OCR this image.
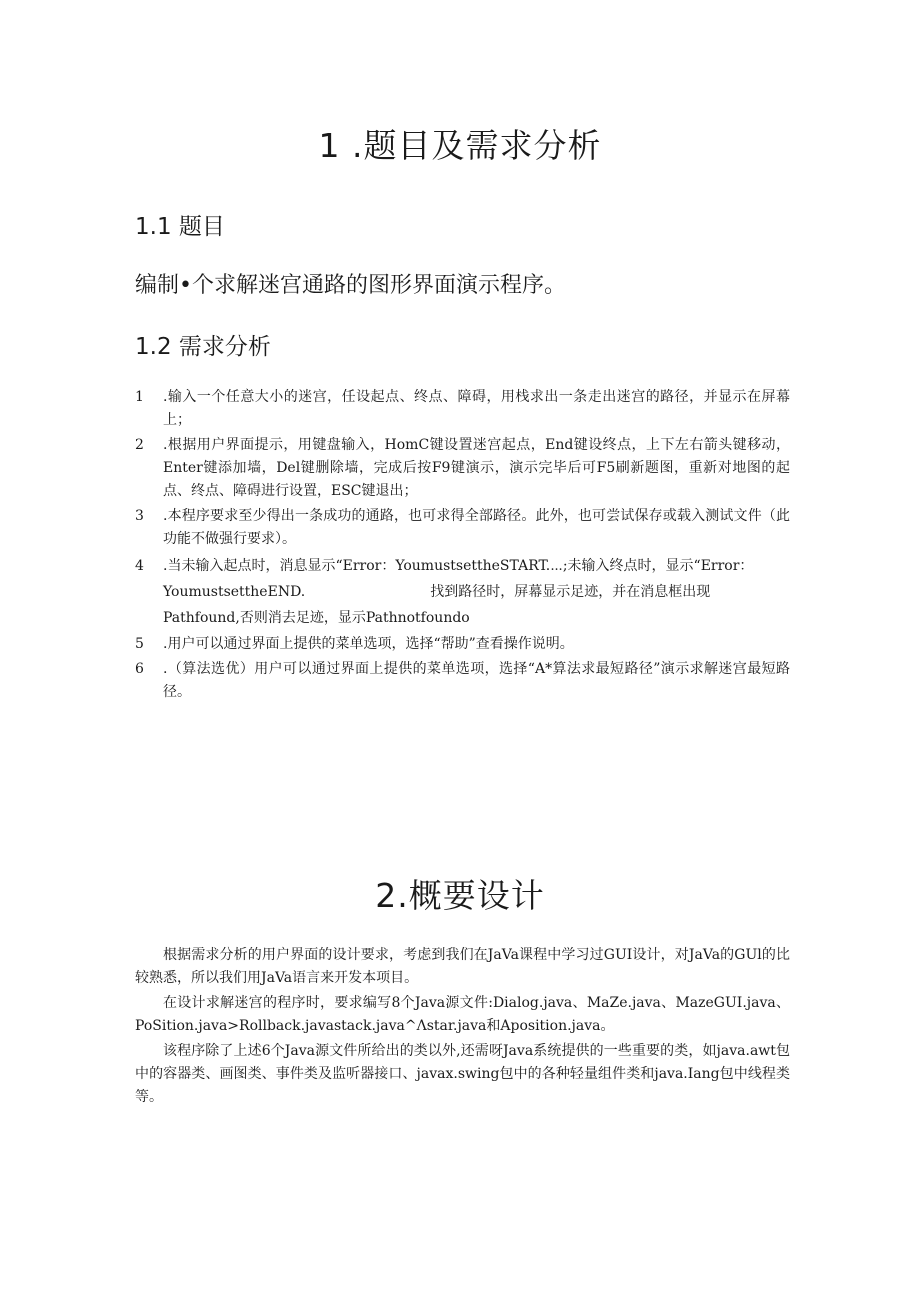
1 .题目及需求分析
1.1 题目

编制•个求解迷宫通路的图形界面演示程序。

1.2 需求分析
1 .输入一个任意大小的迷宫，任设起点、终点、障碍，用栈求出一条走出迷宫的路径，并显示在屏幕上；
2 .根据用户界面提示，用键盘输入，HomC键设置迷宫起点，End键设终点，上下左右箭头键移动，Enter键添加墙，Del键删除墙，完成后按F9键演示，演示完毕后可F5刷新题图，重新对地图的起点、终点、障碍进行设置，ESC键退出；
3 .本程序要求至少得出一条成功的通路，也可求得全部路径。此外，也可尝试保存或载入测试文件（此功能不做强行要求）。
4 .当未输入起点时，消息显示“Error：YoumustsettheSTART.⋯;未输入终点时，显示“Error：
YoumustsettheEND.	找到路径时，屏幕显示足迹，并在消息框出现
Pathfound,否则消去足迹，显示Pathnotfoundo
5 .用户可以通过界面上提供的菜单选项，选择“帮助”查看操作说明。
6 .（算法选优）用户可以通过界面上提供的菜单选项，选择“A*算法求最短路径”演示求解迷宫最短路径。
2.概要设计

根据需求分析的用户界面的设计要求，考虑到我们在JaVa课程中学习过GUI设计，对JaVa的GUl的比较熟悉，所以我们用JaVa语言来开发本项目。

在设计求解迷宫的程序时，要求编写8个Java源文件:Dialog.java、MaZe.java、MazeGUI.java、PoSition.java>Rollback.javastack.java^Λstar.java和Aposition.java。

该程序除了上述6个Java源文件所给出的类以外,还需呀Java系统提供的一些重要的类，如java.awt包中的容器类、画图类、事件类及监听器接口、javax.swing包中的各种轻量组件类和java.Iang包中线程类等。
